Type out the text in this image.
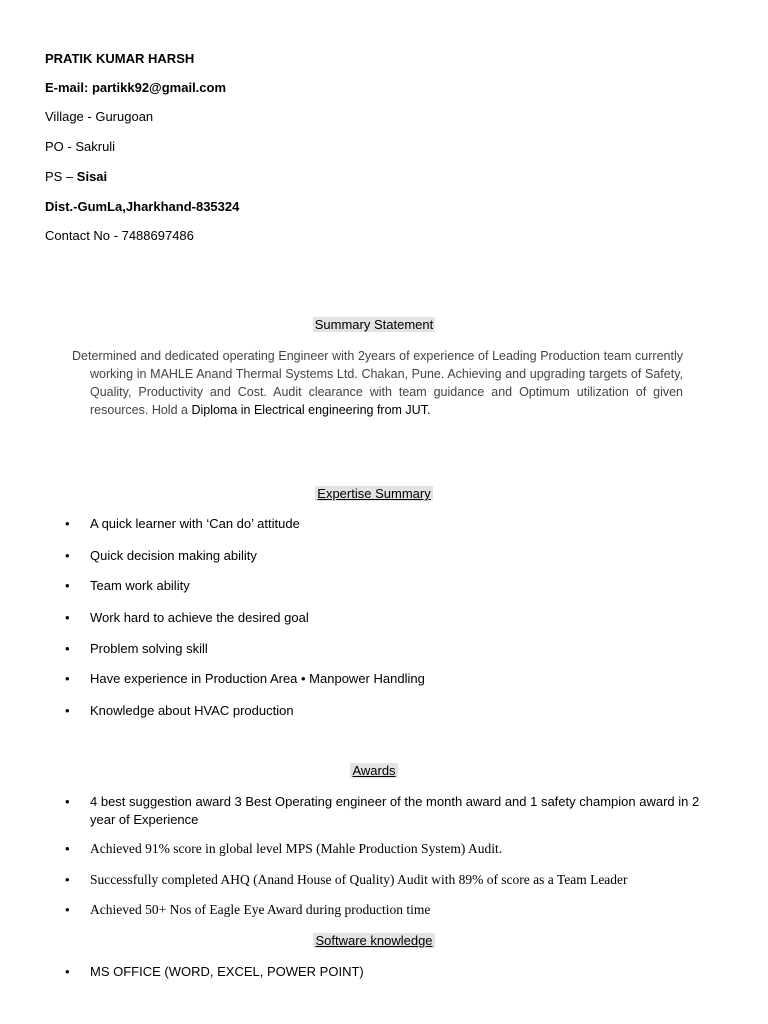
PRATIK KUMAR HARSH
E-mail: partikk92@gmail.com
Village - Gurugoan
PO - Sakruli
PS – Sisai
Dist.-GumLa,Jharkhand-835324
Contact No - 7488697486
Summary Statement
Determined and dedicated operating Engineer with 2years of experience of Leading Production team currently working in MAHLE Anand Thermal Systems Ltd. Chakan, Pune. Achieving and upgrading targets of Safety, Quality, Productivity and Cost. Audit clearance with team guidance and Optimum utilization of given resources. Hold a Diploma in Electrical engineering from JUT.
Expertise Summary
•	A quick learner with ‘Can do’ attitude
•	Quick decision making ability
•	Team work ability
•	Work hard to achieve the desired goal
•	Problem solving skill
•	Have experience in Production Area • Manpower Handling
•	Knowledge about HVAC production
Awards
•	4 best suggestion award 3 Best Operating engineer of the month award and 1 safety champion award in 2 year of Experience
•	Achieved 91% score in global level MPS (Mahle Production System) Audit.
•	Successfully completed AHQ (Anand House of Quality) Audit with 89% of score as a Team Leader
•	Achieved 50+ Nos of Eagle Eye Award during production time
Software knowledge
•	MS OFFICE (WORD, EXCEL, POWER POINT)
